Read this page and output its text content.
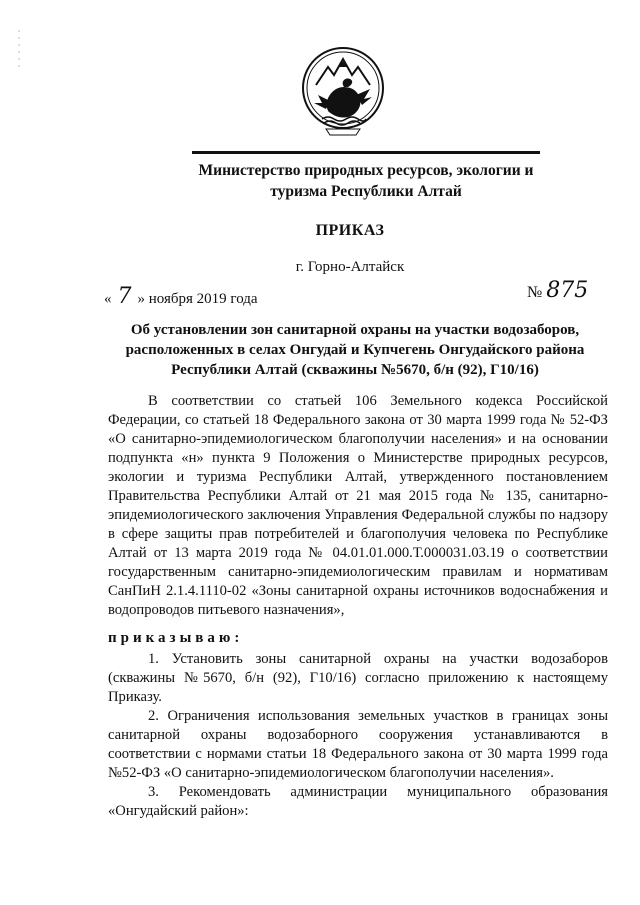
Министерство природных ресурсов, экологии и
туризма Республики Алтай
ПРИКАЗ
г. Горно-Алтайск
« 7 » ноября 2019 года	№ 875
Об установлении зон санитарной охраны на участки водозаборов,
расположенных в селах Онгудай и Купчегень Онгудайского района
Республики Алтай (скважины №5670, б/н (92), Г10/16)

В соответствии со статьей 106 Земельного кодекса Российской Федерации, со статьей 18 Федерального закона от 30 марта 1999 года № 52-ФЗ «О санитарно-эпидемиологическом благополучии населения» и на основании подпункта «н» пункта 9 Положения о Министерстве природных ресурсов, экологии и туризма Республики Алтай, утвержденного постановлением Правительства Республики Алтай от 21 мая 2015 года № 135, санитарно-эпидемиологического заключения Управления Федеральной службы по надзору в сфере защиты прав потребителей и благополучия человека по Республике Алтай от 13 марта 2019 года № 04.01.01.000.Т.000031.03.19 о соответствии государственным санитарно-эпидемиологическим правилам и нормативам СанПиН 2.1.4.1110-02 «Зоны санитарной охраны источников водоснабжения и водопроводов питьевого назначения»,

приказываю:

1. Установить зоны санитарной охраны на участки водозаборов (скважины №5670, б/н (92), Г10/16) согласно приложению к настоящему Приказу.

2. Ограничения использования земельных участков в границах зоны санитарной охраны водозаборного сооружения устанавливаются в соответствии с нормами статьи 18 Федерального закона от 30 марта 1999 года №52-ФЗ «О санитарно-эпидемиологическом благополучии населения».

3. Рекомендовать администрации муниципального образования «Онгудайский район»:
